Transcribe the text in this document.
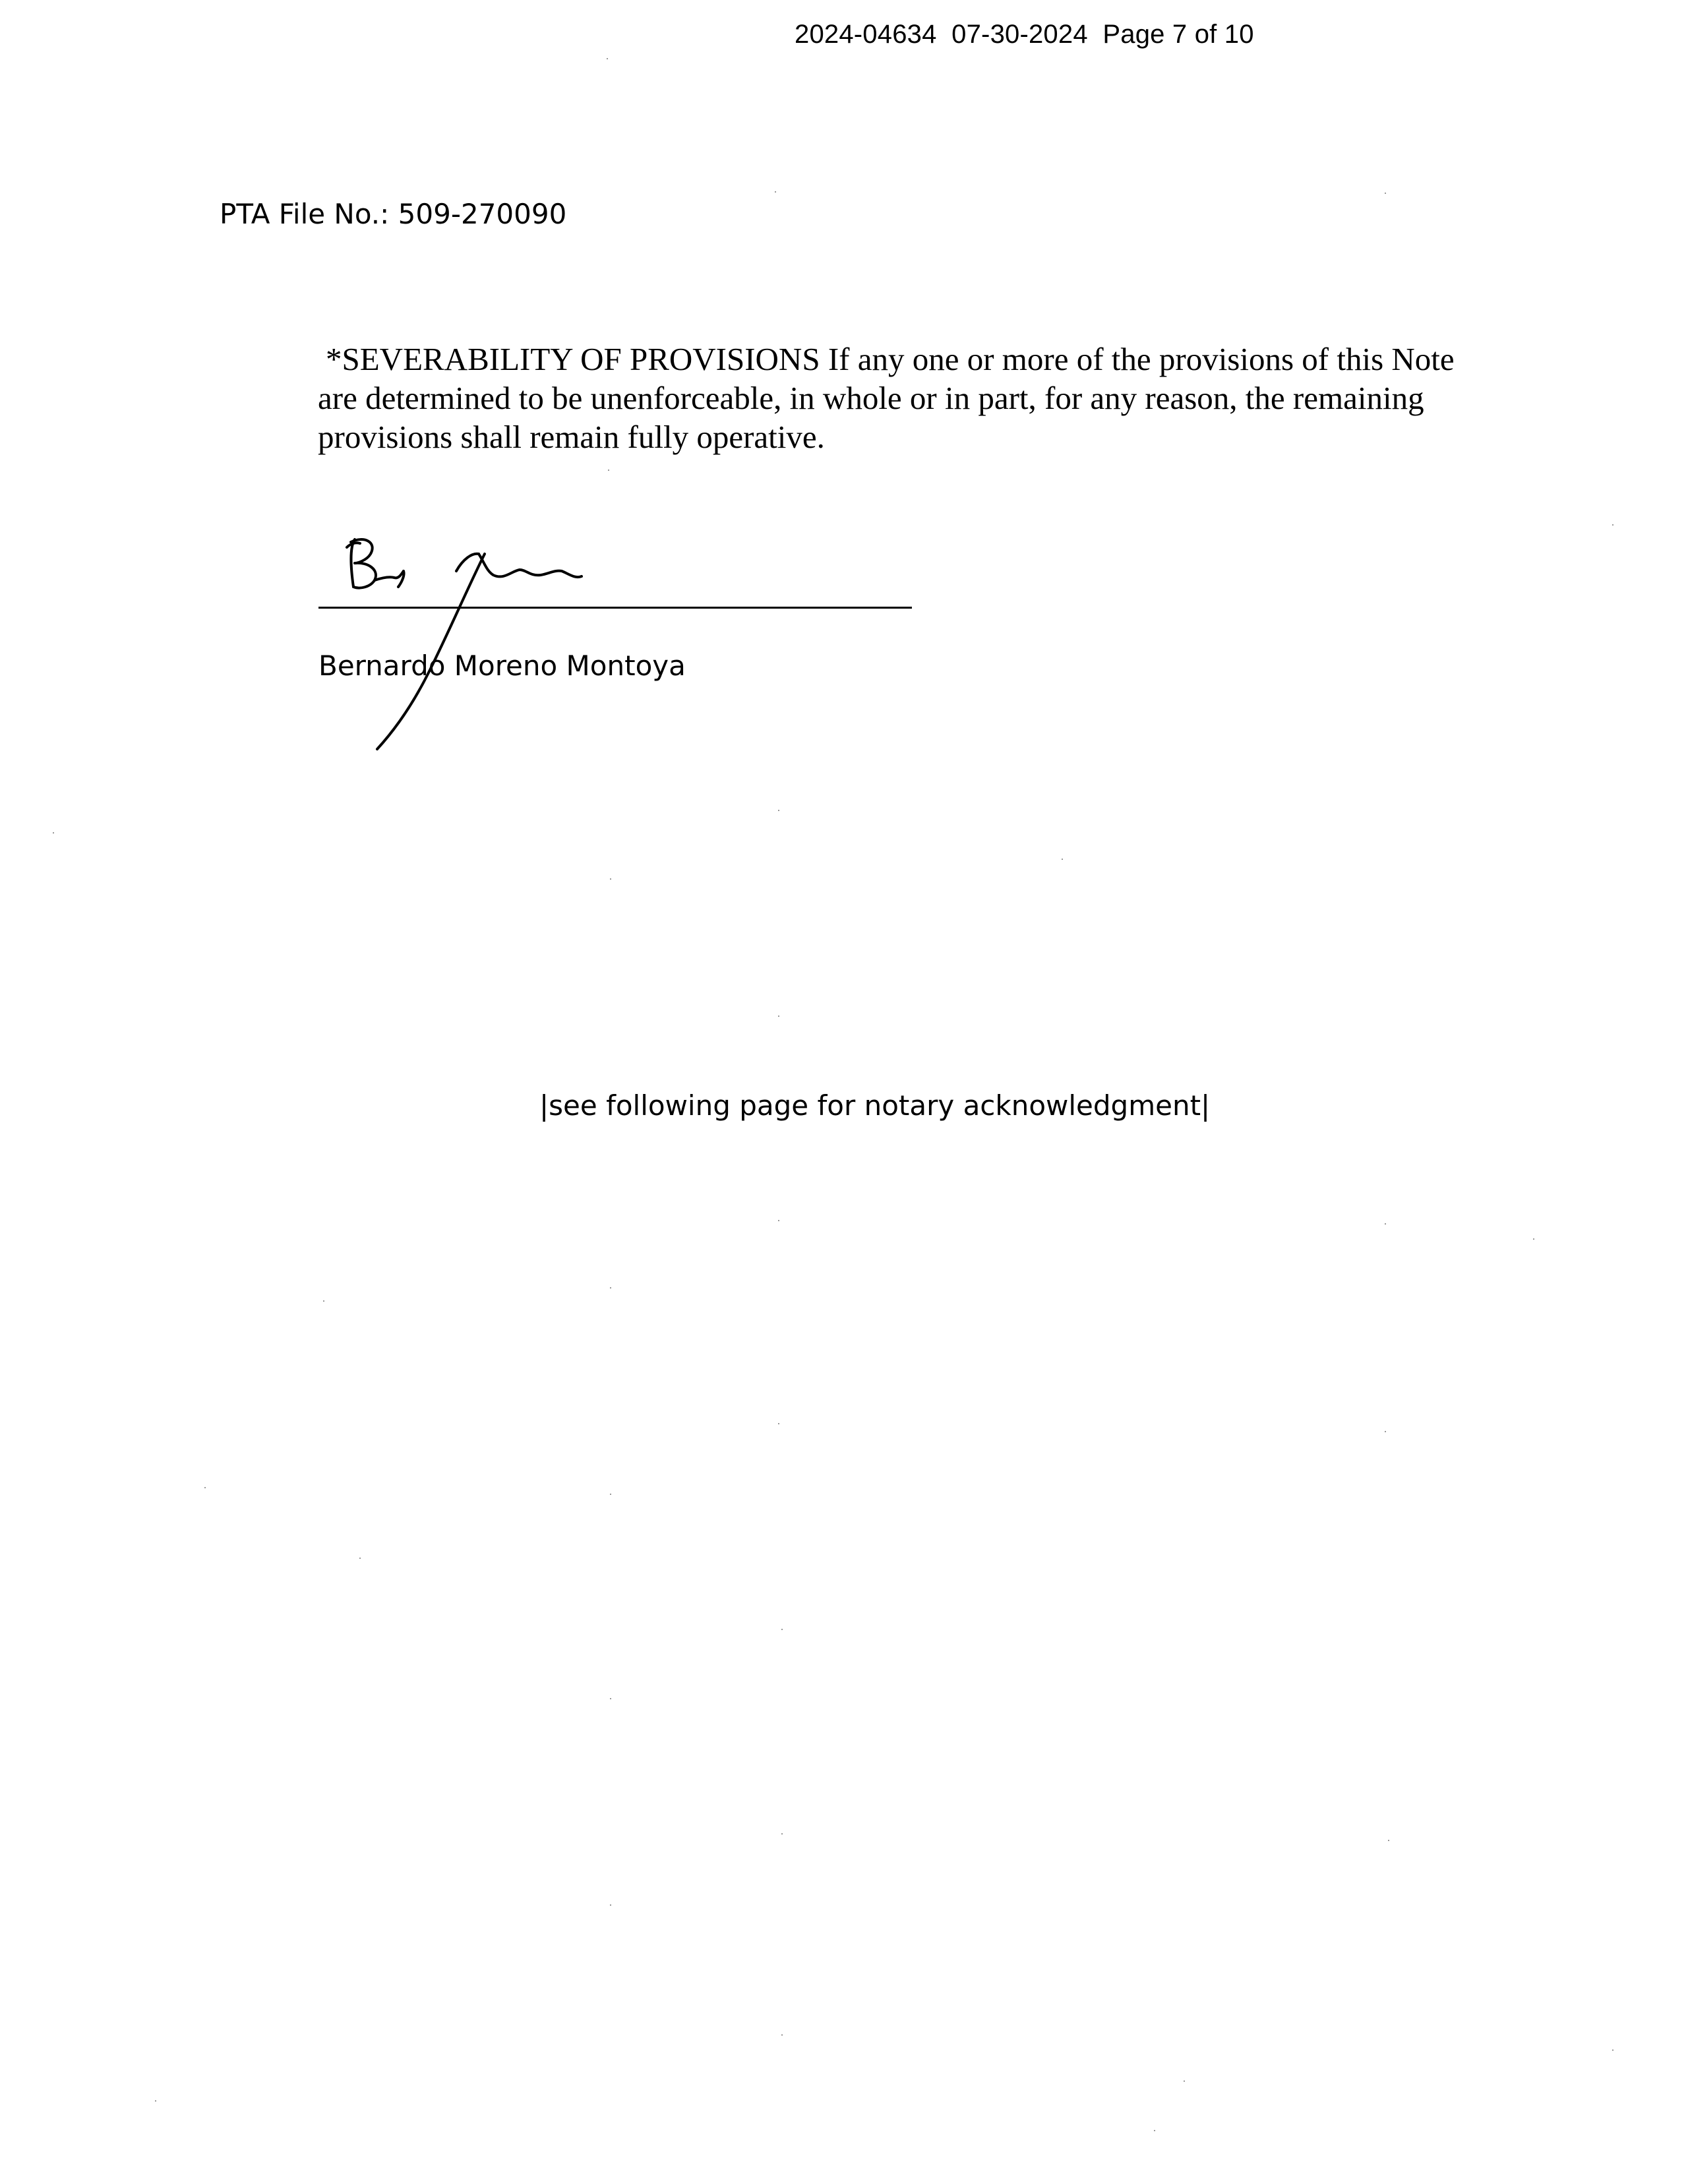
2024-04634  07-30-2024  Page 7 of 10
PTA File No.: 509-270090
*SEVERABILITY OF PROVISIONS If any one or more of the provisions of this Note
are determined to be unenforceable, in whole or in part, for any reason, the remaining
provisions shall remain fully operative.
Bernardo Moreno Montoya
|see following page for notary acknowledgment|
